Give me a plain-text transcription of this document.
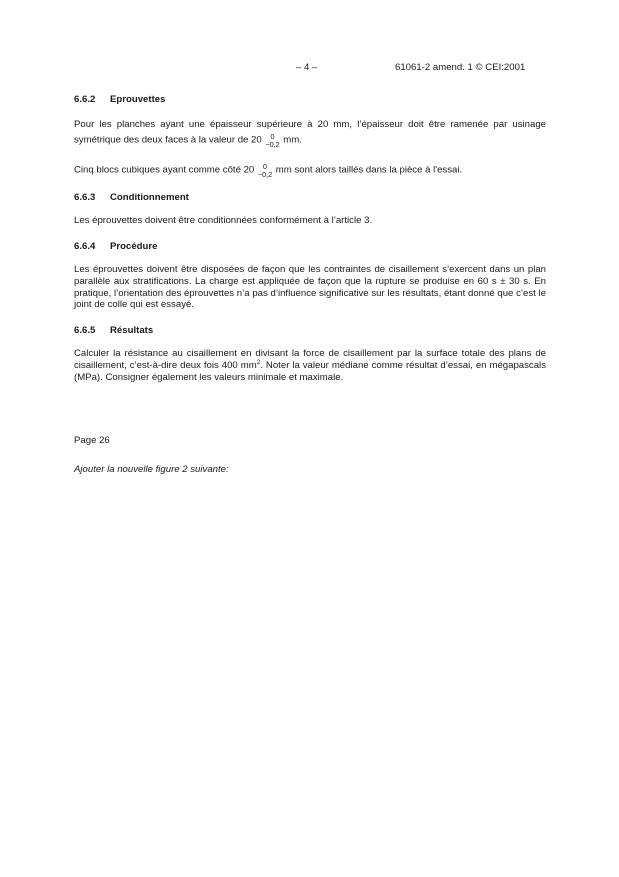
– 4 –	61061-2 amend. 1 © CEI:2001
6.6.2 Eprouvettes

Pour les planches ayant une épaisseur supérieure à 20 mm, l’épaisseur doit être ramenée par usinage symétrique des deux faces à la valeur de 20	0
−0,2 mm.

Cinq blocs cubiques ayant comme côté 20	0
−0,2 mm sont alors taillés dans la pièce à l'essai.

6.6.3 Conditionnement

Les éprouvettes doivent être conditionnées conformément à l’article 3.

6.6.4 Procédure

Les éprouvettes doivent être disposées de façon que les contraintes de cisaillement s’exercent dans un plan parallèle aux stratifications. La charge est appliquée de façon que la rupture se produise en 60 s ± 30 s. En pratique, l’orientation des éprouvettes n’a pas d’influence significative sur les résultats, étant donné que c’est le joint de colle qui est essayé.

6.6.5 Résultats

Calculer la résistance au cisaillement en divisant la force de cisaillement par la surface totale des plans de cisaillement, c’est-à-dire deux fois 400 $mm^2$. Noter la valeur médiane comme résultat d’essai, en mégapascals (MPa). Consigner également les valeurs minimale et maximale.

Page 26

Ajouter la nouvelle figure 2 suivante:
